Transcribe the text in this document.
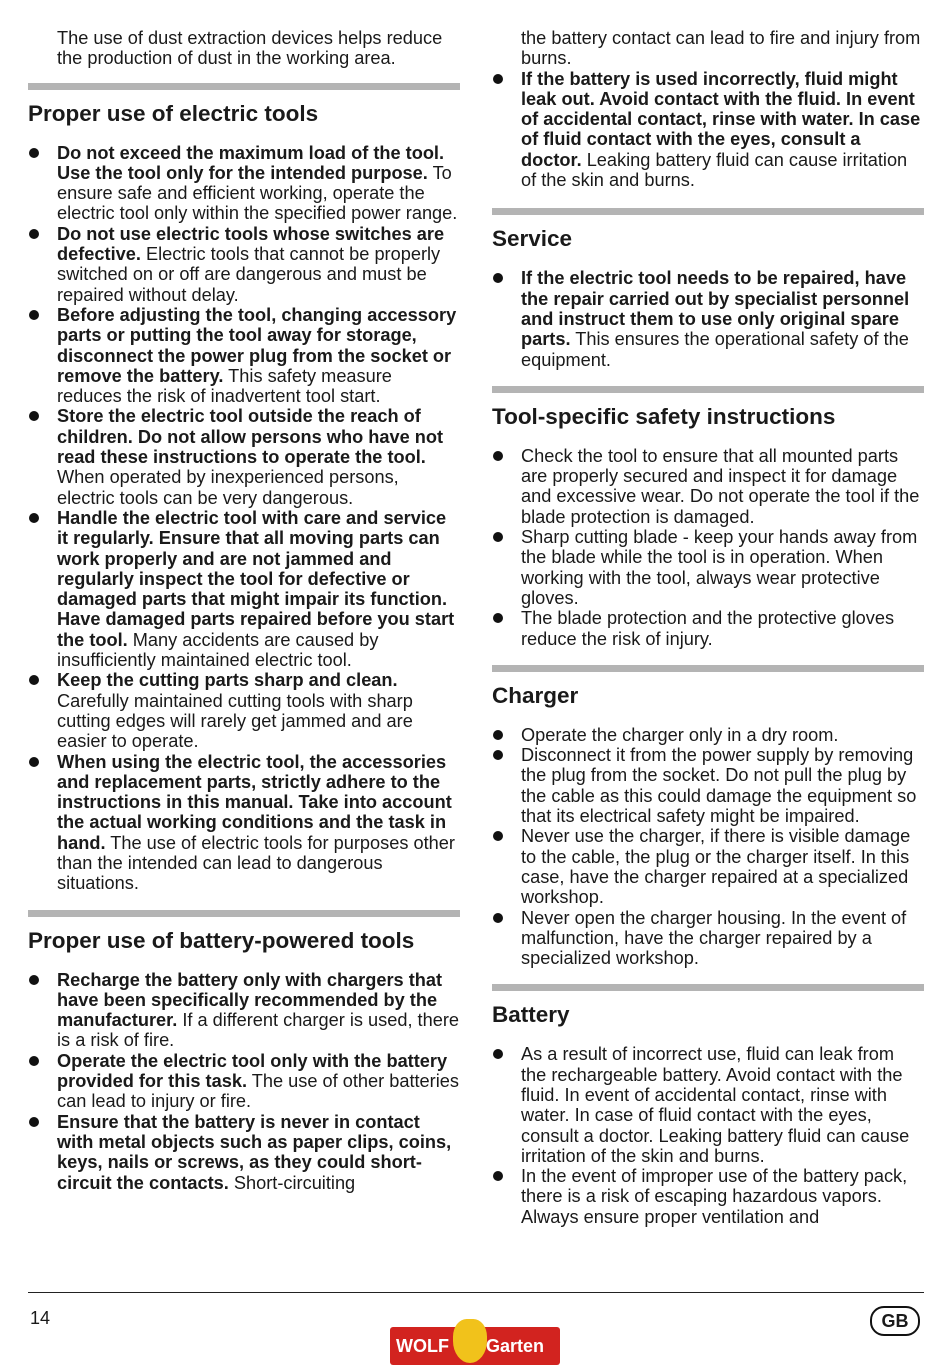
The use of dust extraction devices helps reduce the production of dust in the working area.

Proper use of electric tools
Do not exceed the maximum load of the tool. Use the tool only for the intended purpose. To ensure safe and efficient working, operate the electric tool only within the specified power range.
Do not use electric tools whose switches are defective. Electric tools that cannot be properly switched on or off are dangerous and must be repaired without delay.
Before adjusting the tool, changing accessory parts or putting the tool away for storage, disconnect the power plug from the socket or remove the battery. This safety measure reduces the risk of inadvertent tool start.
Store the electric tool outside the reach of children. Do not allow persons who have not read these instructions to operate the tool. When operated by inexperienced persons, electric tools can be very dangerous.
Handle the electric tool with care and service it regularly. Ensure that all moving parts can work properly and are not jammed and regularly inspect the tool for defective or damaged parts that might impair its function. Have damaged parts repaired before you start the tool. Many accidents are caused by insufficiently maintained electric tool.
Keep the cutting parts sharp and clean. Carefully maintained cutting tools with sharp cutting edges will rarely get jammed and are easier to operate.
When using the electric tool, the accessories and replacement parts, strictly adhere to the instructions in this manual. Take into account the actual working conditions and the task in hand. The use of electric tools for purposes other than the intended can lead to dangerous situations.
Proper use of battery-powered tools
Recharge the battery only with chargers that have been specifically recommended by the manufacturer. If a different charger is used, there is a risk of fire.
Operate the electric tool only with the battery provided for this task. The use of other batteries can lead to injury or fire.
Ensure that the battery is never in contact with metal objects such as paper clips, coins, keys, nails or screws, as they could short-circuit the contacts. Short-circuiting
the battery contact can lead to fire and injury from burns.
If the battery is used incorrectly, fluid might leak out. Avoid contact with the fluid. In event of accidental contact, rinse with water. In case of fluid contact with the eyes, consult a doctor. Leaking battery fluid can cause irritation of the skin and burns.
Service
If the electric tool needs to be repaired, have the repair carried out by specialist personnel and instruct them to use only original spare parts. This ensures the operational safety of the equipment.
Tool-specific safety instructions
Check the tool to ensure that all mounted parts are properly secured and inspect it for damage and excessive wear. Do not operate the tool if the blade protection is damaged.
Sharp cutting blade - keep your hands away from the blade while the tool is in operation. When working with the tool, always wear protective gloves.
The blade protection and the protective gloves reduce the risk of injury.
Charger
Operate the charger only in a dry room.
Disconnect it from the power supply by removing the plug from the socket. Do not pull the plug by the cable as this could damage the equipment so that its electrical safety might be impaired.
Never use the charger, if there is visible damage to the cable, the plug or the charger itself. In this case, have the charger repaired at a specialized workshop.
Never open the charger housing. In the event of malfunction, have the charger repaired by a specialized workshop.
Battery
As a result of incorrect use, fluid can leak from the rechargeable battery. Avoid contact with the fluid. In event of accidental contact, rinse with water. In case of fluid contact with the eyes, consult a doctor. Leaking battery fluid can cause irritation of the skin and burns.
In the event of improper use of the battery pack, there is a risk of escaping hazardous vapors. Always ensure proper ventilation and
14
WOLF Garten
GB
